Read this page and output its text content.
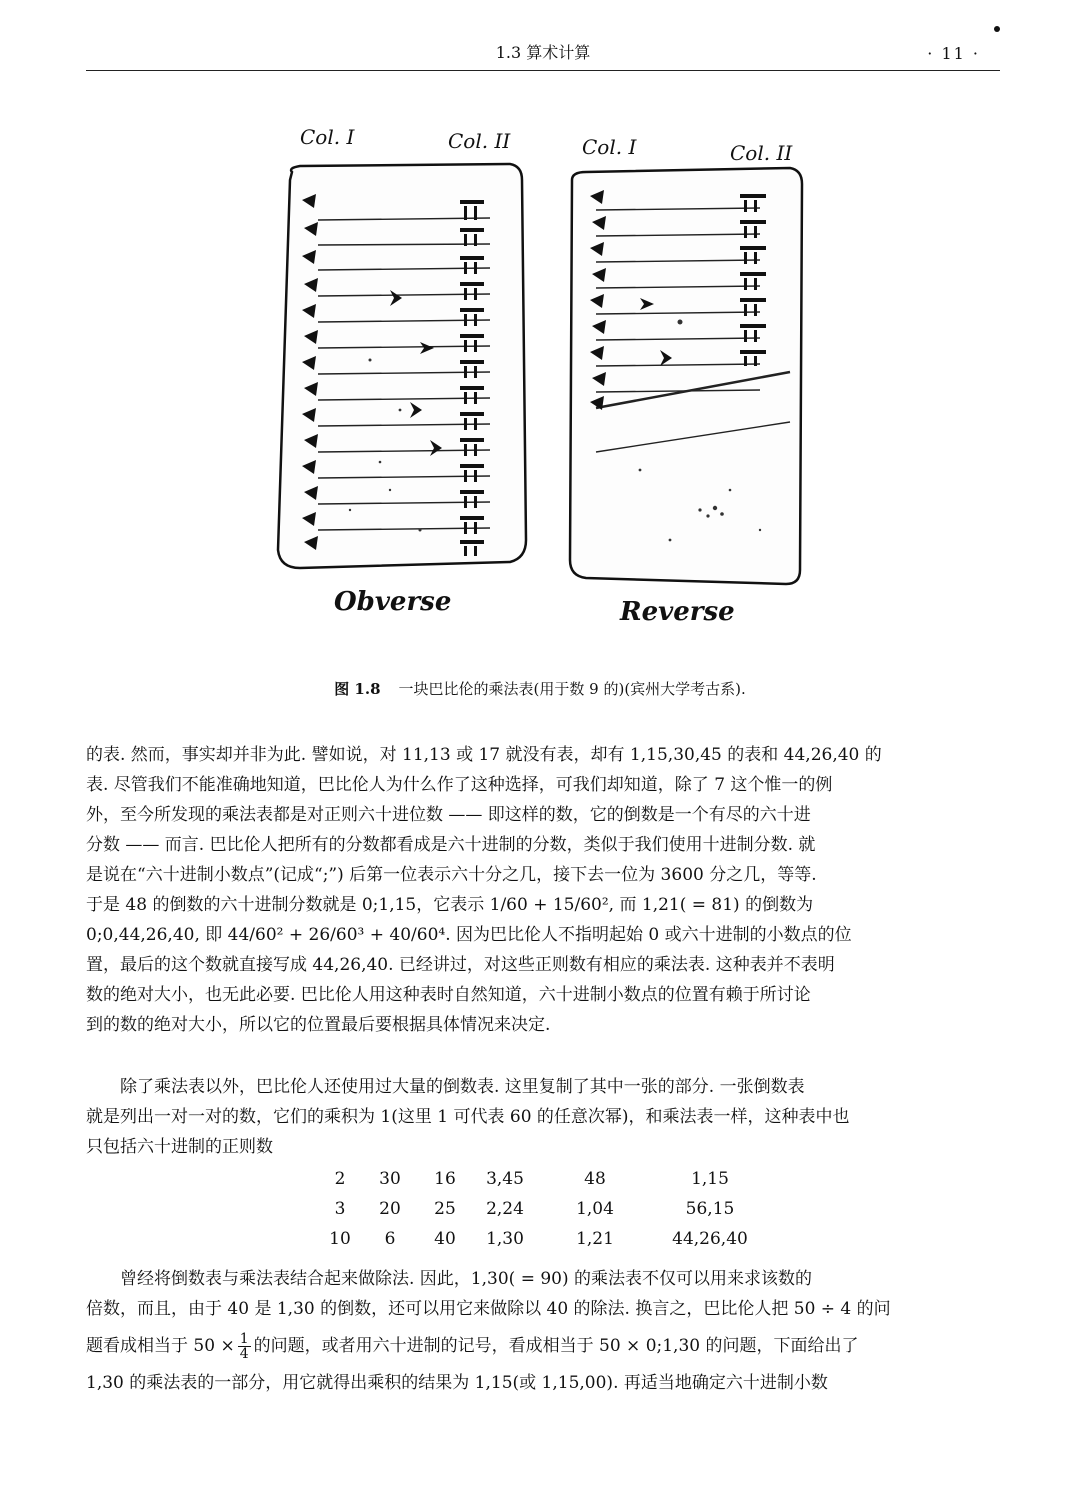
1.3 算术计算	· 11 ·
Col. I	Col. II	Col. I	Col. II
Obverse	Reverse
图 1.8 一块巴比伦的乘法表(用于数 9 的)(宾州大学考古系).

的表. 然而，事实却并非为此. 譬如说，对 11,13 或 17 就没有表，却有 1,15,30,45 的表和 44,26,40 的

表. 尽管我们不能准确地知道，巴比伦人为什么作了这种选择，可我们却知道，除了 7 这个惟一的例

外，至今所发现的乘法表都是对正则六十进位数 —— 即这样的数，它的倒数是一个有尽的六十进

分数 —— 而言. 巴比伦人把所有的分数都看成是六十进制的分数，类似于我们使用十进制分数. 就

是说在“六十进制小数点”(记成“;”) 后第一位表示六十分之几，接下去一位为 3600 分之几，等等.

于是 48 的倒数的六十进制分数就是 0;1,15，它表示 1/60 + 15/60², 而 1,21( = 81) 的倒数为

0;0,44,26,40, 即 44/60² + 26/60³ + 40/60⁴. 因为巴比伦人不指明起始 0 或六十进制的小数点的位

置，最后的这个数就直接写成 44,26,40. 已经讲过，对这些正则数有相应的乘法表. 这种表并不表明

数的绝对大小，也无此必要. 巴比伦人用这种表时自然知道，六十进制小数点的位置有赖于所讨论

到的数的绝对大小，所以它的位置最后要根据具体情况来决定.

除了乘法表以外，巴比伦人还使用过大量的倒数表. 这里复制了其中一张的部分. 一张倒数表

就是列出一对一对的数，它们的乘积为 1(这里 1 可代表 60 的任意次幂)，和乘法表一样，这种表中也

只包括六十进制的正则数

2	30	16	3,45	48	1,15
3	20	25	2,24	1,04	56,15
10	6	40	1,30	1,21	44,26,40

曾经将倒数表与乘法表结合起来做除法. 因此，1,30( = 90) 的乘法表不仅可以用来求该数的

倍数，而且，由于 40 是 1,30 的倒数，还可以用它来做除以 40 的除法. 换言之，巴比伦人把 50 ÷ 4 的问

题看成相当于 $50 \times \frac{1}{4}$ 的问题，或者用六十进制的记号，看成相当于 50 × 0;1,30 的问题，下面给出了

1,30 的乘法表的一部分，用它就得出乘积的结果为 1,15(或 1,15,00). 再适当地确定六十进制小数
